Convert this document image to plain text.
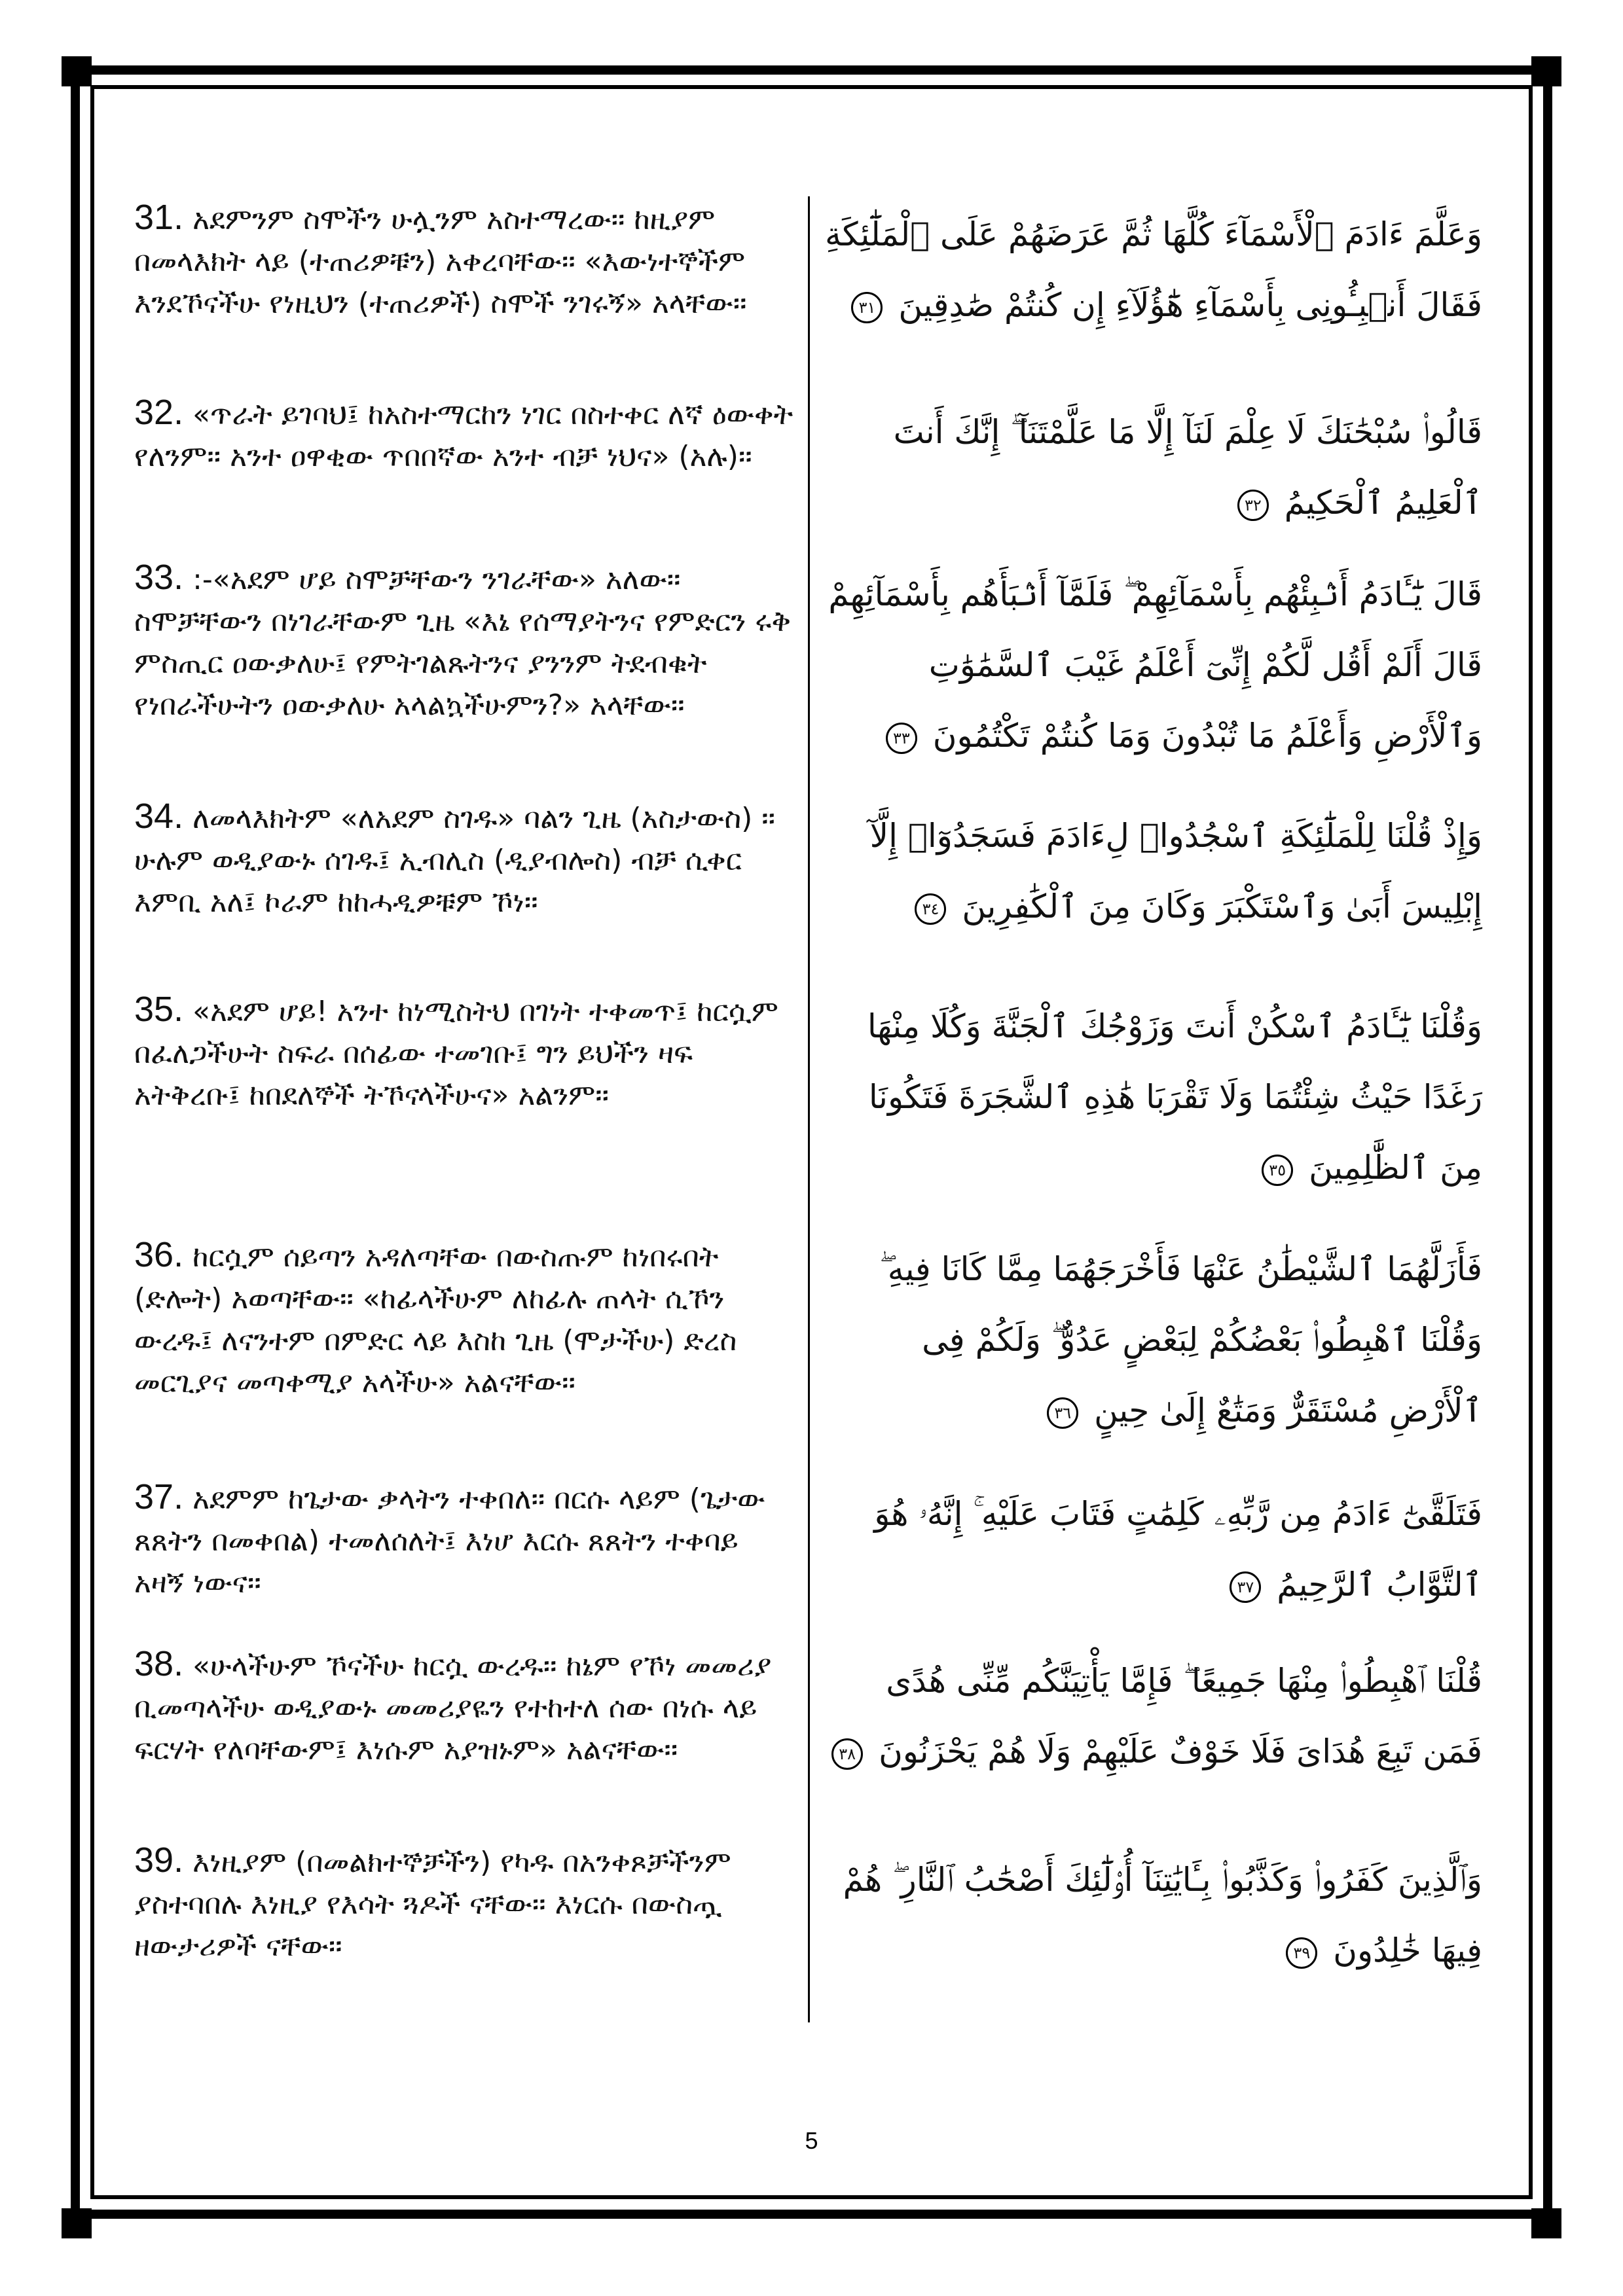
31. አደምንም ስሞችን ሁሏንም አስተማረው፡፡ ከዚያም በመላእክት ላይ (ተጠሪዎቹን) አቀረባቸው፡፡ «እውነተኞችም እንደኾናችሁ የነዚህን (ተጠሪዎች) ስሞች ንገሩኝ» አላቸው፡፡

وَعَلَّمَ ءَادَمَ ٱلْأَسْمَآءَ كُلَّهَا ثُمَّ عَرَضَهُمْ عَلَى ٱلْمَلَٰٓئِكَةِ فَقَالَ أَنۢبِـُٔونِى بِأَسْمَآءِ هَٰٓؤُلَآءِ إِن كُنتُمْ صَٰدِقِينَ ٣١

32. «ጥራት ይገባህ፤ ከአስተማርከን ነገር በስተቀር ለኛ ዕውቀት የለንም፡፡ አንተ ዐዋቂው ጥበበኛው አንተ ብቻ ነህና» (አሉ)፡፡

قَالُوا۟ سُبْحَٰنَكَ لَا عِلْمَ لَنَآ إِلَّا مَا عَلَّمْتَنَآ ۖ إِنَّكَ أَنتَ ٱلْعَلِيمُ ٱلْحَكِيمُ ٣٢

33. :-«አደም ሆይ ስሞቻቸውን ንገራቸው» አለው፡፡ ስሞቻቸውን በነገራቸውም ጊዜ «እኔ የሰማያትንና የምድርን ሩቅ ምስጢር ዐውቃለሁ፤ የምትገልጹትንና ያንንም ትደብቁት የነበራችሁትን ዐውቃለሁ አላልኳችሁምን?» አላቸው፡፡

قَالَ يَٰٓـَٔادَمُ أَنۢبِئْهُم بِأَسْمَآئِهِمْ ۖ فَلَمَّآ أَنۢبَأَهُم بِأَسْمَآئِهِمْ قَالَ أَلَمْ أَقُل لَّكُمْ إِنِّىٓ أَعْلَمُ غَيْبَ ٱلسَّمَٰوَٰتِ وَٱلْأَرْضِ وَأَعْلَمُ مَا تُبْدُونَ وَمَا كُنتُمْ تَكْتُمُونَ ٣٣

34. ለመላእክትም «ለአደም ስገዱ» ባልን ጊዜ (አስታውስ) ፡፡ ሁሉም ወዲያውኑ ሰገዱ፤ ኢብሊስ (ዲያብሎስ) ብቻ ሲቀር እምቢ አለ፤ ኮራም ከከሓዲዎቹም ኾነ፡፡

وَإِذْ قُلْنَا لِلْمَلَٰٓئِكَةِ ٱسْجُدُوا۟ لِءَادَمَ فَسَجَدُوٓا۟ إِلَّآ إِبْلِيسَ أَبَىٰ وَٱسْتَكْبَرَ وَكَانَ مِنَ ٱلْكَٰفِرِينَ ٣٤

35. «አደም ሆይ! አንተ ከነሚስትህ በገነት ተቀመጥ፤ ከርሷም በፈለጋችሁት ስፍራ በሰፊው ተመገቡ፤ ግን ይህችን ዛፍ አትቅረቡ፤ ከበደለኞች ትኾናላችሁና» አልንም፡፡

وَقُلْنَا يَٰٓـَٔادَمُ ٱسْكُنْ أَنتَ وَزَوْجُكَ ٱلْجَنَّةَ وَكُلَا مِنْهَا رَغَدًا حَيْثُ شِئْتُمَا وَلَا تَقْرَبَا هَٰذِهِ ٱلشَّجَرَةَ فَتَكُونَا مِنَ ٱلظَّٰلِمِينَ ٣٥

36. ከርሷም ሰይጣን አዳለጣቸው በውስጡም ከነበሩበት (ድሎት) አወጣቸው፡፡ «ከፊላችሁም ለከፊሉ ጠላት ሲኾን ውረዱ፤ ለናንተም በምድር ላይ እስከ ጊዜ (ሞታችሁ) ድረስ መርጊያና መጣቀሚያ አላችሁ» አልናቸው፡፡

فَأَزَلَّهُمَا ٱلشَّيْطَٰنُ عَنْهَا فَأَخْرَجَهُمَا مِمَّا كَانَا فِيهِ ۖ وَقُلْنَا ٱهْبِطُوا۟ بَعْضُكُمْ لِبَعْضٍ عَدُوٌّ ۖ وَلَكُمْ فِى ٱلْأَرْضِ مُسْتَقَرٌّ وَمَتَٰعٌ إِلَىٰ حِينٍ ٣٦

37. አደምም ከጌታው ቃላትን ተቀበለ፡፡ በርሱ ላይም (ጌታው ጸጸትን በመቀበል) ተመለሰለት፤ እነሆ እርሱ ጸጸትን ተቀባይ አዛኝ ነውና፡፡

فَتَلَقَّىٰٓ ءَادَمُ مِن رَّبِّهِۦ كَلِمَٰتٍ فَتَابَ عَلَيْهِ ۚ إِنَّهُۥ هُوَ ٱلتَّوَّابُ ٱلرَّحِيمُ ٣٧

38. «ሁላችሁም ኾናችሁ ከርሷ ውረዱ፡፡ ከኔም የኾነ መመሪያ ቢመጣላችሁ ወዲያውኑ መመሪያዬን የተከተለ ሰው በነሱ ላይ ፍርሃት የለባቸውም፤ እነሱም አያዝኑም» አልናቸው፡፡

قُلْنَا ٱهْبِطُوا۟ مِنْهَا جَمِيعًا ۖ فَإِمَّا يَأْتِيَنَّكُم مِّنِّى هُدًى فَمَن تَبِعَ هُدَاىَ فَلَا خَوْفٌ عَلَيْهِمْ وَلَا هُمْ يَحْزَنُونَ ٣٨

39. እነዚያም (በመልክተኞቻችን) የካዱ በአንቀጾቻችንም ያስተባበሉ እነዚያ የእሳት ጓዶች ናቸው፡፡ እነርሱ በውስጧ ዘውታሪዎች ናቸው፡፡

وَٱلَّذِينَ كَفَرُوا۟ وَكَذَّبُوا۟ بِـَٔايَٰتِنَآ أُو۟لَٰٓئِكَ أَصْحَٰبُ ٱلنَّارِ ۖ هُمْ فِيهَا خَٰلِدُونَ ٣٩

5
